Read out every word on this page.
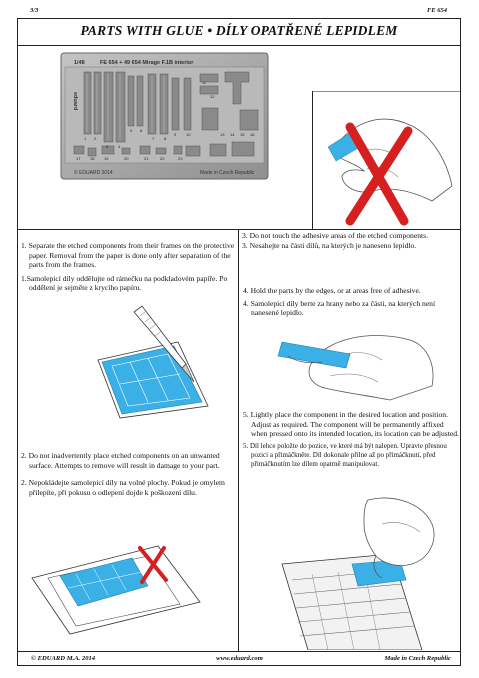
3/3	FE 654
PARTS WITH GLUE • DÍLY OPATŘENÉ LEPIDLEM
1/48	FE 654 + 49 654 Mirage F.1B interior
eduard
© EDUARD 2014	Made in Czech Republic
1 2
3 4
5 6
7 8
9 10
11
12
13 14 15 16
17 18 19	20	21	22	23
1. Separate the etched components from their frames on the protective paper. Removal from the paper is done only after separation of the parts from the frames.
1.Samolepicí díly oddělujte od rámečku na podkladovém papíře. Po oddělení je sejměte z krycího papíru.
2. Do not inadvertently place etched components on an unwanted surface. Attempts to remove will result in damage to your part.
2. Nepokládejte samolepicí díly na volné plochy. Pokud je omylem přilepíte, při pokusu o odlepení dojde k poškození dílu.
3. Do not touch the adhesive areas of the etched components.
3. Nesahejte na části dílů, na kterých je naneseno lepidlo.
4. Hold the parts by the edges, or at areas free of adhesive.
4. Samolepicí díly berte za hrany nebo za části, na kterých není nanesené lepidlo.
5. Lightly place the component in the desired location and position. Adjust as required. The component will be permanently affixed when pressed onto its intended location, its location can be adjusted.
5. Díl lehce položte do pozice, ve které má být nalepen. Upravte přesnou pozici a přimáčkněte. Díl dokonale přilne až po přimáčknutí, před přimáčknutím lze dílem opatrně manipulovat.
© EDUARD M.A. 2014	www.eduard.com	Made in Czech Republic
